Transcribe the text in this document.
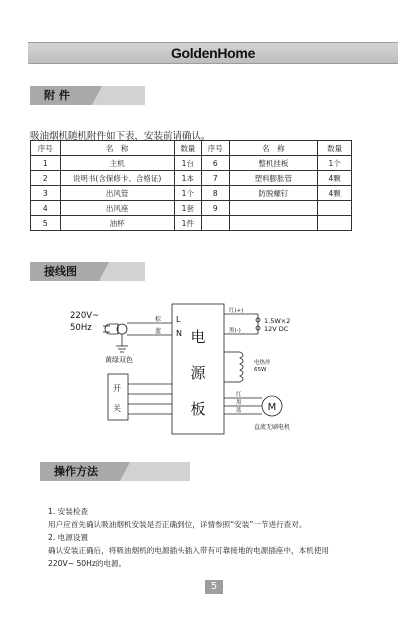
GoldenHome
附 件
吸油烟机随机附件如下表，安装前请确认。
序号	名　称	数量	序号	名　称	数量
1	主机	1台	6	整机挂板	1个
2	说明书(含保修卡、合格证)	1本	7	塑料膨胀管	4颗
3	出风管	1个	8	防脱螺钉	4颗
4	出风座	1套	9		
5	油杯	1件			
接线图
220V~
50Hz
棕
蓝
黄绿双色
L
N 电
源
板
开
关
红(+)
黑(-)
1.5W×2
12V DC
电热丝
65W
红
黑
蓝	M
直流无刷电机
操作方法
1. 安装检查
用户应首先确认吸油烟机安装是否正确到位，详情参照“安装”一节进行查对。
2. 电源设置
确认安装正确后，将吸油烟机的电源插头插入带有可靠接地的电源插座中，本机使用
220V~ 50Hz的电源。
5
